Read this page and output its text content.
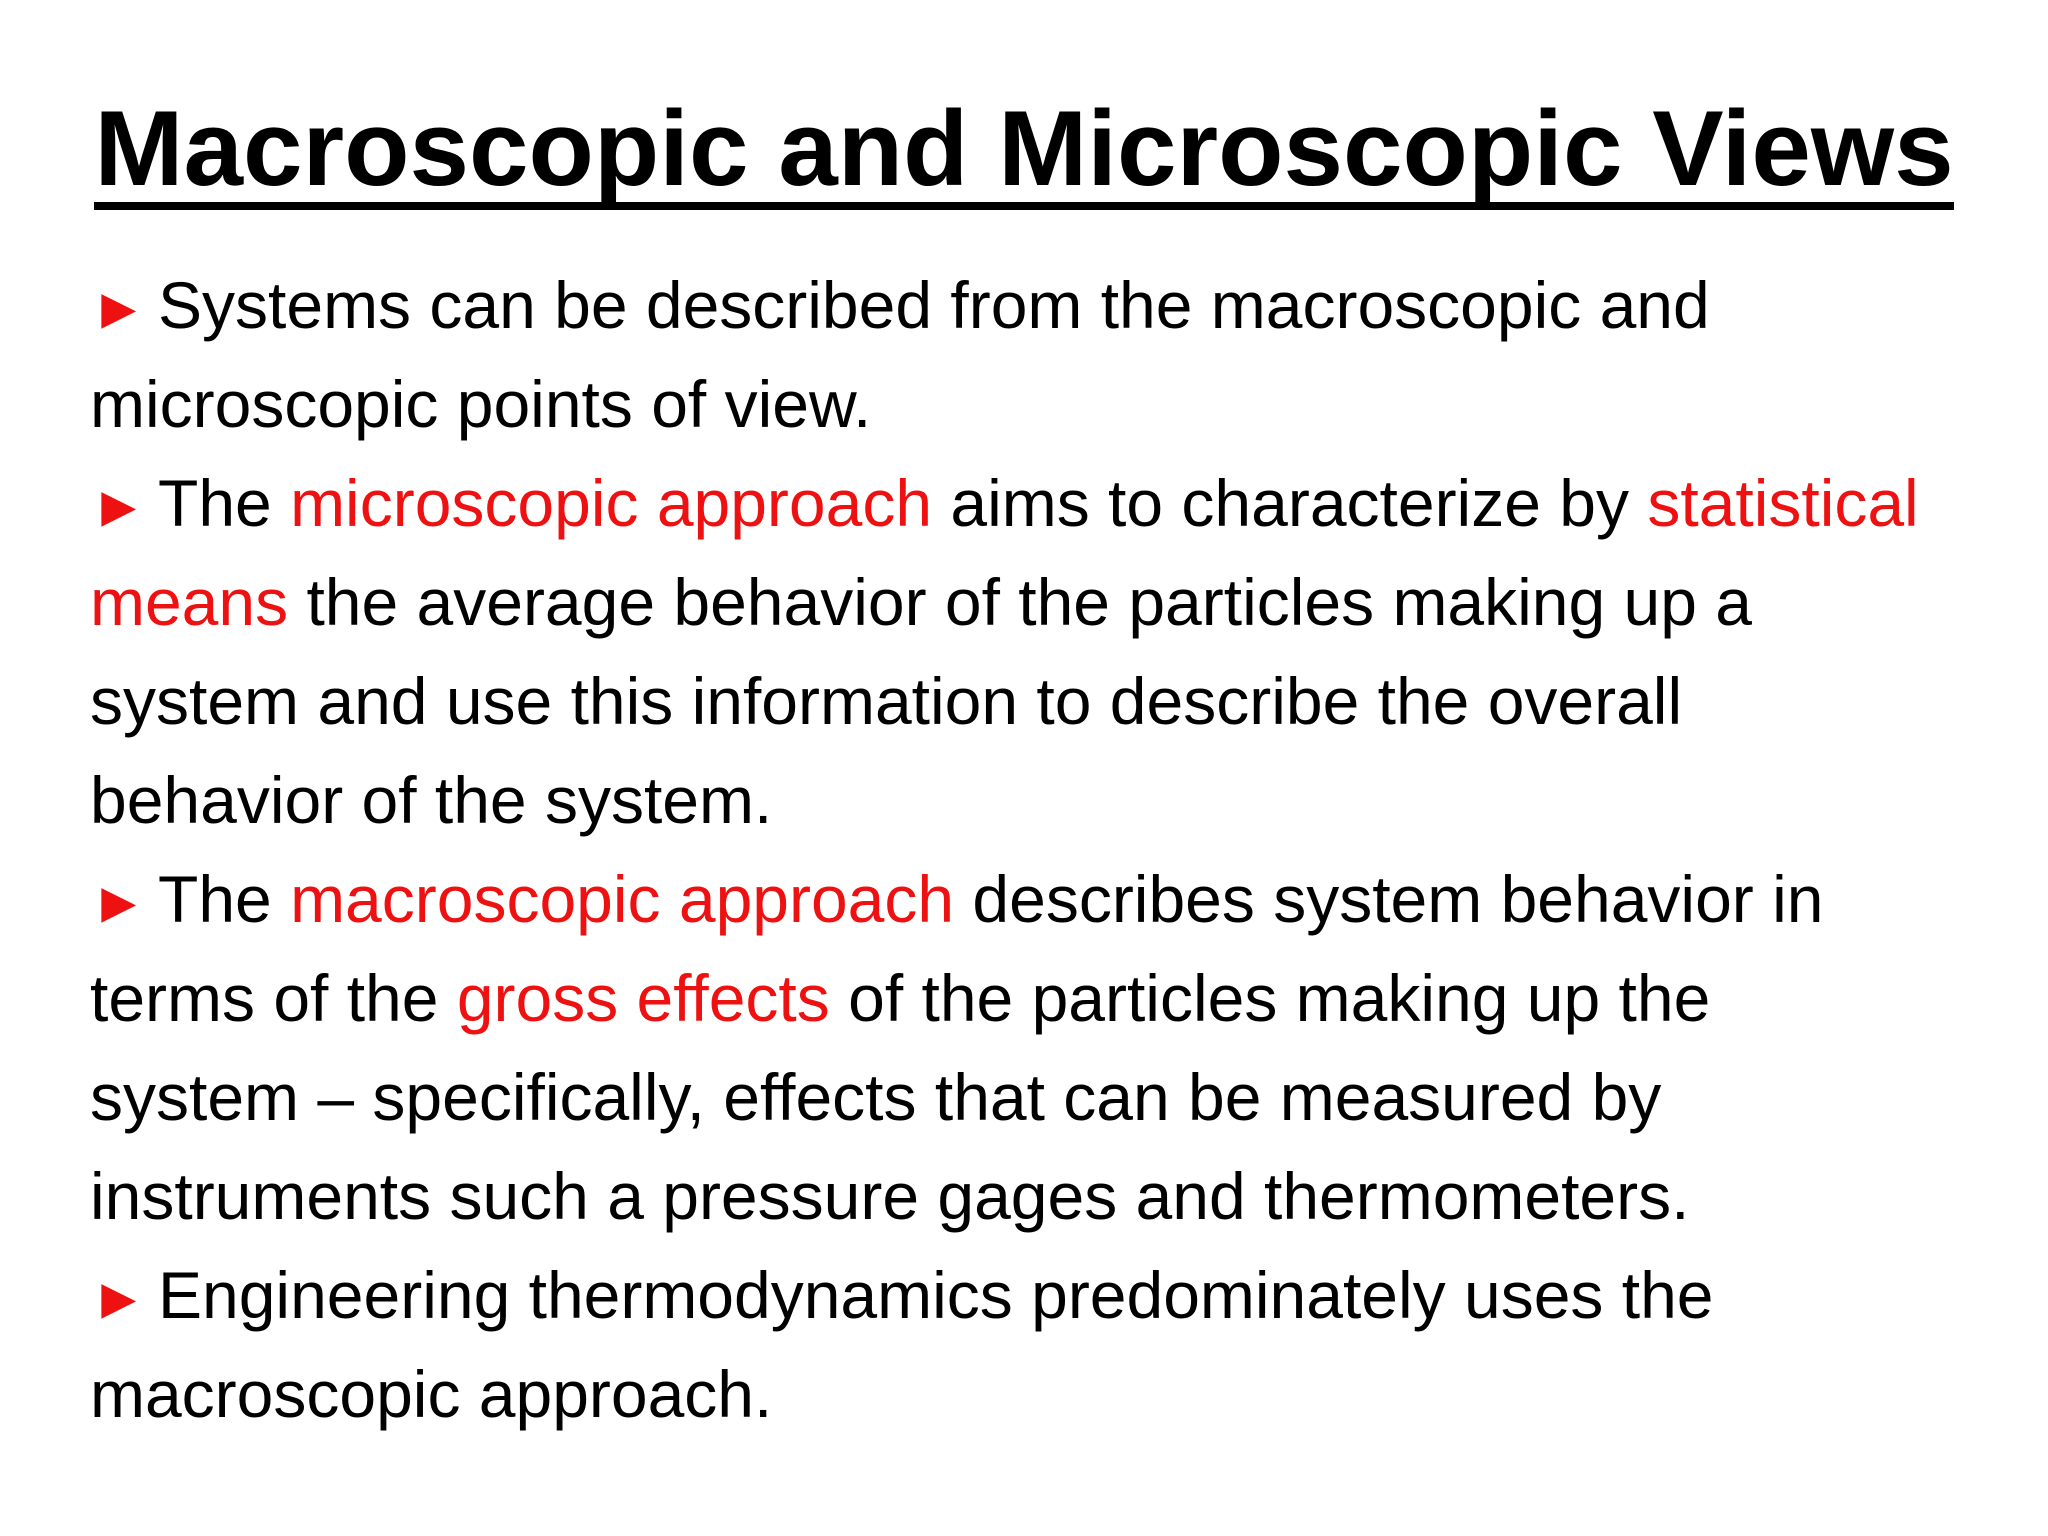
Macroscopic and Microscopic Views
► Systems can be described from the macroscopic and
microscopic points of view.
► The microscopic approach aims to characterize by statistical
means the average behavior of the particles making up a
system and use this information to describe the overall
behavior of the system.
► The macroscopic approach describes system behavior in
terms of the gross effects of the particles making up the
system – specifically, effects that can be measured by
instruments such a pressure gages and thermometers.
► Engineering thermodynamics predominately uses the
macroscopic approach.
